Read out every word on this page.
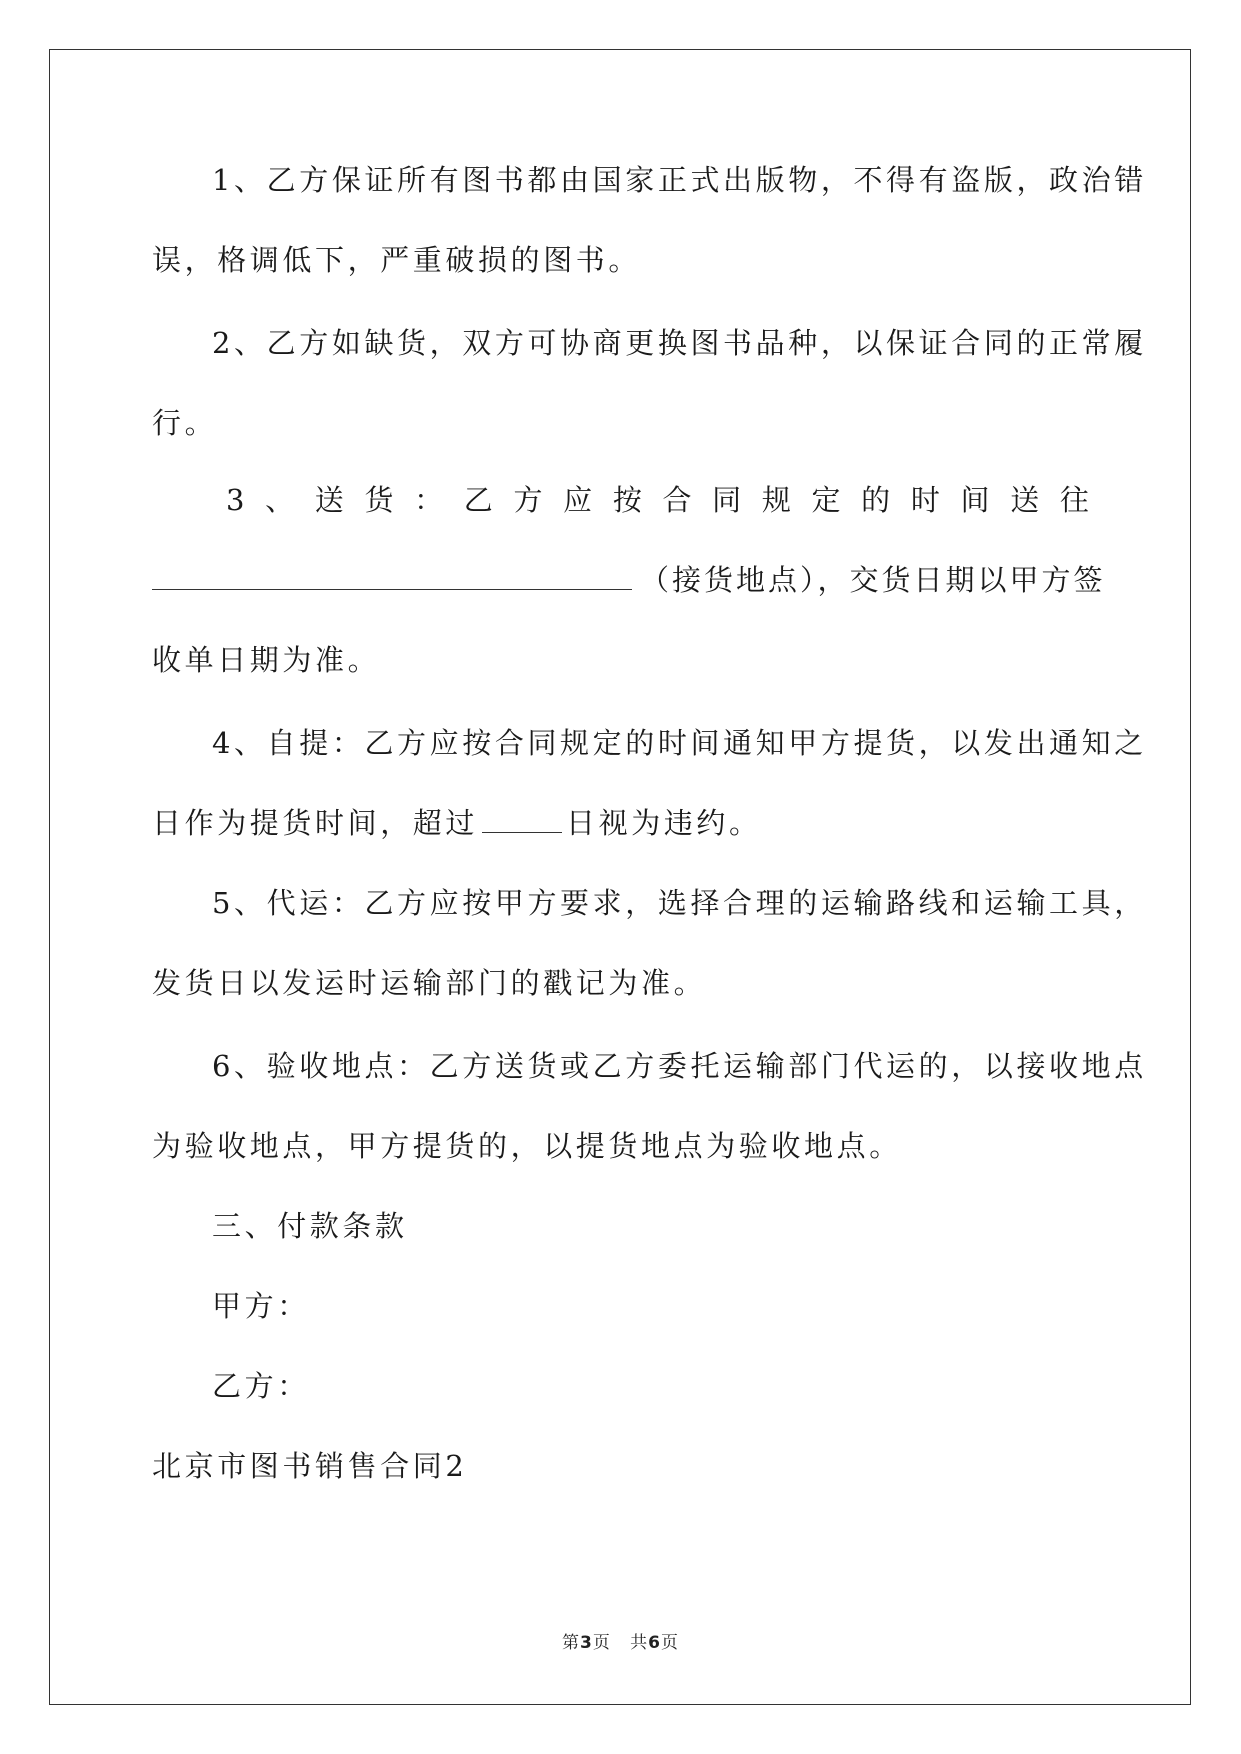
1、乙方保证所有图书都由国家正式出版物，不得有盗版，政治错
误，格调低下，严重破损的图书。
2、乙方如缺货，双方可协商更换图书品种，以保证合同的正常履
行。
3 、 送 货 ： 乙 方 应 按 合 同 规 定 的 时 间 送 往
（接货地点），交货日期以甲方签
收单日期为准。
4、自提：乙方应按合同规定的时间通知甲方提货，以发出通知之
日作为提货时间，超过	日视为违约。
5、代运：乙方应按甲方要求，选择合理的运输路线和运输工具，
发货日以发运时运输部门的戳记为准。
6、验收地点：乙方送货或乙方委托运输部门代运的，以接收地点
为验收地点，甲方提货的，以提货地点为验收地点。
三、付款条款
甲方：
乙方：
北京市图书销售合同2
第3页 共6页
